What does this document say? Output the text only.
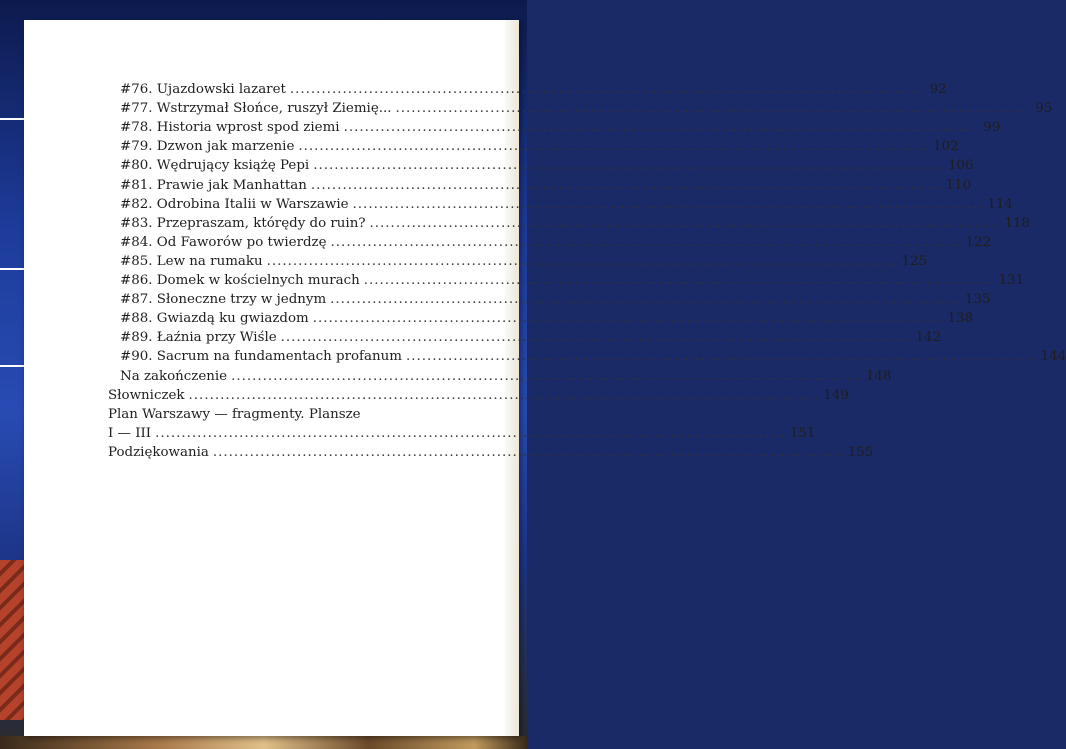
#76. Ujazdowski lazaret ........................................................................................................................ 92
#77. Wstrzymał Słońce, ruszył Ziemię... ........................................................................................................................ 95
#78. Historia wprost spod ziemi ........................................................................................................................ 99
#79. Dzwon jak marzenie ........................................................................................................................ 102
#80. Wędrujący książę Pepi ........................................................................................................................ 106
#81. Prawie jak Manhattan ........................................................................................................................ 110
#82. Odrobina Italii w Warszawie ........................................................................................................................ 114
#83. Przepraszam, którędy do ruin? ........................................................................................................................ 118
#84. Od Faworów po twierdzę ........................................................................................................................ 122
#85. Lew na rumaku ........................................................................................................................ 125
#86. Domek w kościelnych murach ........................................................................................................................ 131
#87. Słoneczne trzy w jednym ........................................................................................................................ 135
#88. Gwiazdą ku gwiazdom ........................................................................................................................ 138
#89. Łaźnia przy Wiśle ........................................................................................................................ 142
#90. Sacrum na fundamentach profanum ........................................................................................................................ 144
Na zakończenie ........................................................................................................................ 148
Słowniczek ........................................................................................................................ 149
Plan Warszawy — fragmenty. Plansze
I — III ........................................................................................................................ 151
Podziękowania ........................................................................................................................ 155
